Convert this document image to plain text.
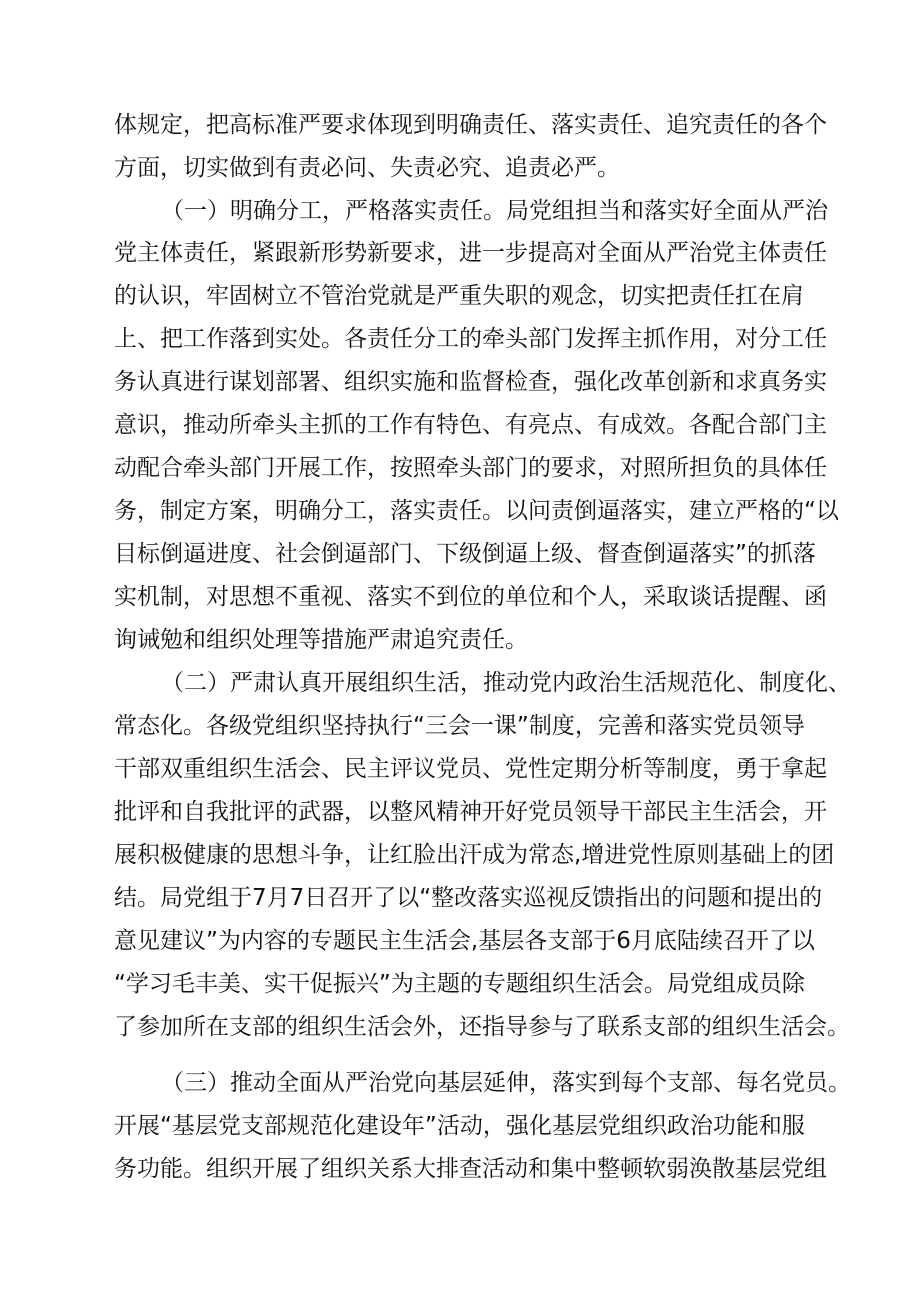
体规定，把高标准严要求体现到明确责任、落实责任、追究责任的各个
方面，切实做到有责必问、失责必究、追责必严。
（一）明确分工，严格落实责任。局党组担当和落实好全面从严治
党主体责任，紧跟新形势新要求，进一步提高对全面从严治党主体责任
的认识，牢固树立不管治党就是严重失职的观念，切实把责任扛在肩
上、把工作落到实处。各责任分工的牵头部门发挥主抓作用，对分工任
务认真进行谋划部署、组织实施和监督检查，强化改革创新和求真务实
意识，推动所牵头主抓的工作有特色、有亮点、有成效。各配合部门主
动配合牵头部门开展工作，按照牵头部门的要求，对照所担负的具体任
务，制定方案，明确分工，落实责任。以问责倒逼落实，建立严格的“以
目标倒逼进度、社会倒逼部门、下级倒逼上级、督查倒逼落实”的抓落
实机制，对思想不重视、落实不到位的单位和个人，采取谈话提醒、函
询诫勉和组织处理等措施严肃追究责任。
（二）严肃认真开展组织生活，推动党内政治生活规范化、制度化、
常态化。各级党组织坚持执行“三会一课”制度，完善和落实党员领导
干部双重组织生活会、民主评议党员、党性定期分析等制度，勇于拿起
批评和自我批评的武器，以整风精神开好党员领导干部民主生活会，开
展积极健康的思想斗争，让红脸出汗成为常态,增进党性原则基础上的团
结。局党组于7月7日召开了以“整改落实巡视反馈指出的问题和提出的
意见建议”为内容的专题民主生活会,基层各支部于6月底陆续召开了以
“学习毛丰美、实干促振兴”为主题的专题组织生活会。局党组成员除
了参加所在支部的组织生活会外，还指导参与了联系支部的组织生活会。
（三）推动全面从严治党向基层延伸，落实到每个支部、每名党员。
开展“基层党支部规范化建设年”活动，强化基层党组织政治功能和服
务功能。组织开展了组织关系大排查活动和集中整顿软弱涣散基层党组
